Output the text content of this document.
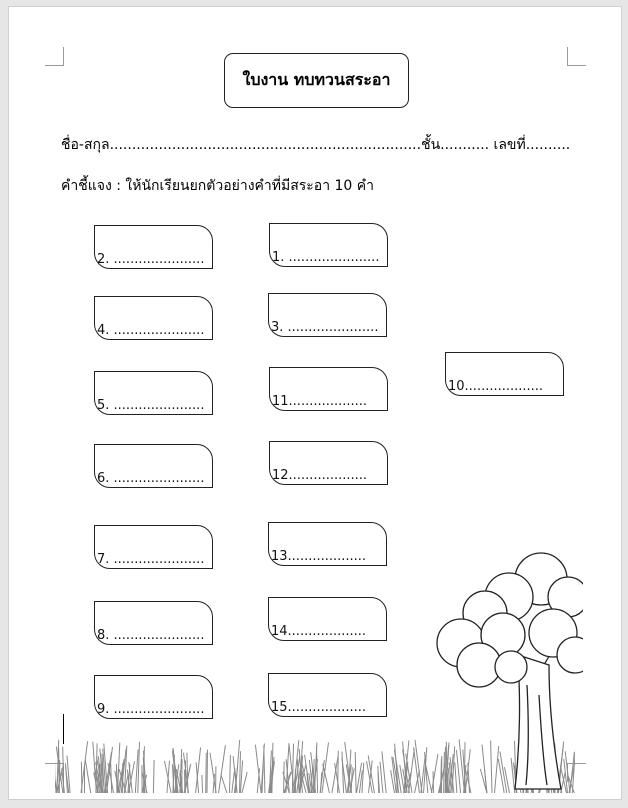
ใบงาน ทบทวนสระอา
ชื่อ-สกุล......................................................................ชั้น........... เลขที่..........
คำชี้แจง : ให้นักเรียนยกตัวอย่างคำที่มีสระอา 10 คำ
2. ......................
4. ......................
5. ......................
6. ......................
7. ......................
8. ......................
9. ......................
1. ......................
3. ......................
11...................
12...................
13...................
14...................
15...................
10...................
